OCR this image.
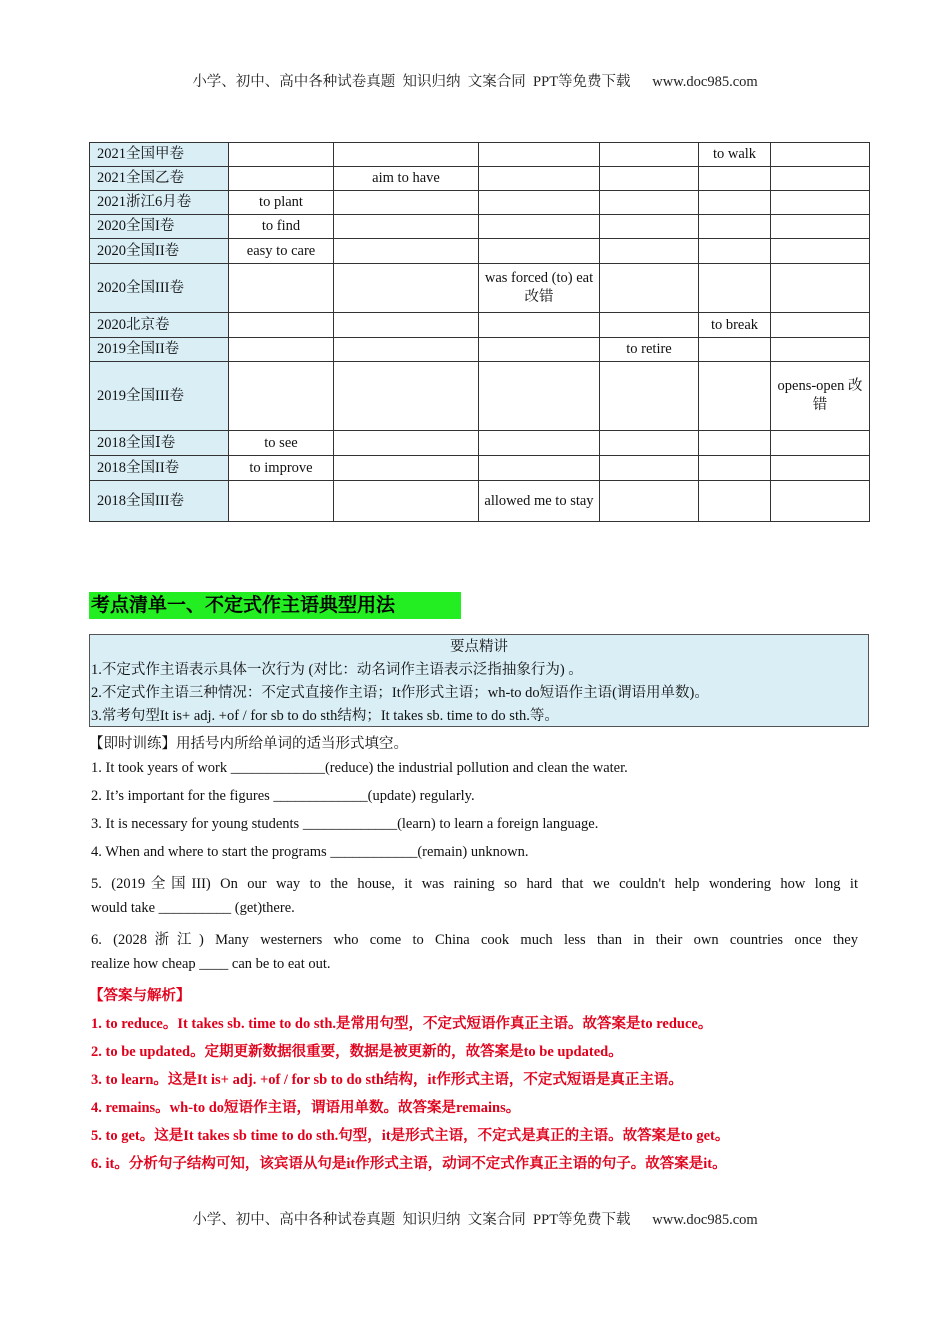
小学、初中、高中各种试卷真题  知识归纳  文案合同  PPT等免费下载      www.doc985.com
2021全国甲卷					to walk	
2021全国乙卷		aim to have				
2021浙江6月卷	to plant					
2020全国I卷	to find					
2020全国II卷	easy to care					
2020全国III卷			was forced (to) eat 改错			
2020北京卷					to break	
2019全国II卷				to retire		
2019全国III卷						opens-open 改错
2018全国Ⅰ卷	to see					
2018全国II卷	to improve					
2018全国III卷			allowed me to stay			
考点清单一、不定式作主语典型用法
要点精讲
1.不定式作主语表示具体一次行为 (对比：动名词作主语表示泛指抽象行为) 。
2.不定式作主语三种情况：不定式直接作主语；It作形式主语；wh-to do短语作主语(谓语用单数)。
3.常考句型It is+ adj. +of / for sb to do sth结构；It takes sb. time to do sth.等。
【即时训练】用括号内所给单词的适当形式填空。
1. It took years of work _____________(reduce) the industrial pollution and clean the water.
2. It’s important for the figures _____________(update) regularly.
3. It is necessary for young students _____________(learn) to learn a foreign language.
4. When and where to start the programs ____________(remain) unknown.
5. (2019全国III) On our way to the house, it was raining so hard that we couldn't help wondering how long it
would take __________ (get)there.
6. (2028浙江) Many westerners who come to China cook much less than in their own countries once they
realize how cheap ____ can be to eat out.
【答案与解析】
1. to reduce。It takes sb. time to do sth.是常用句型，不定式短语作真正主语。故答案是to reduce。
2. to be updated。定期更新数据很重要，数据是被更新的，故答案是to be updated。
3. to learn。这是It is+ adj. +of / for sb to do sth结构，it作形式主语，不定式短语是真正主语。
4. remains。wh-to do短语作主语，谓语用单数。故答案是remains。
5. to get。这是It takes sb time to do sth.句型，it是形式主语，不定式是真正的主语。故答案是to get。
6. it。分析句子结构可知，该宾语从句是it作形式主语，动词不定式作真正主语的句子。故答案是it。
小学、初中、高中各种试卷真题  知识归纳  文案合同  PPT等免费下载      www.doc985.com
